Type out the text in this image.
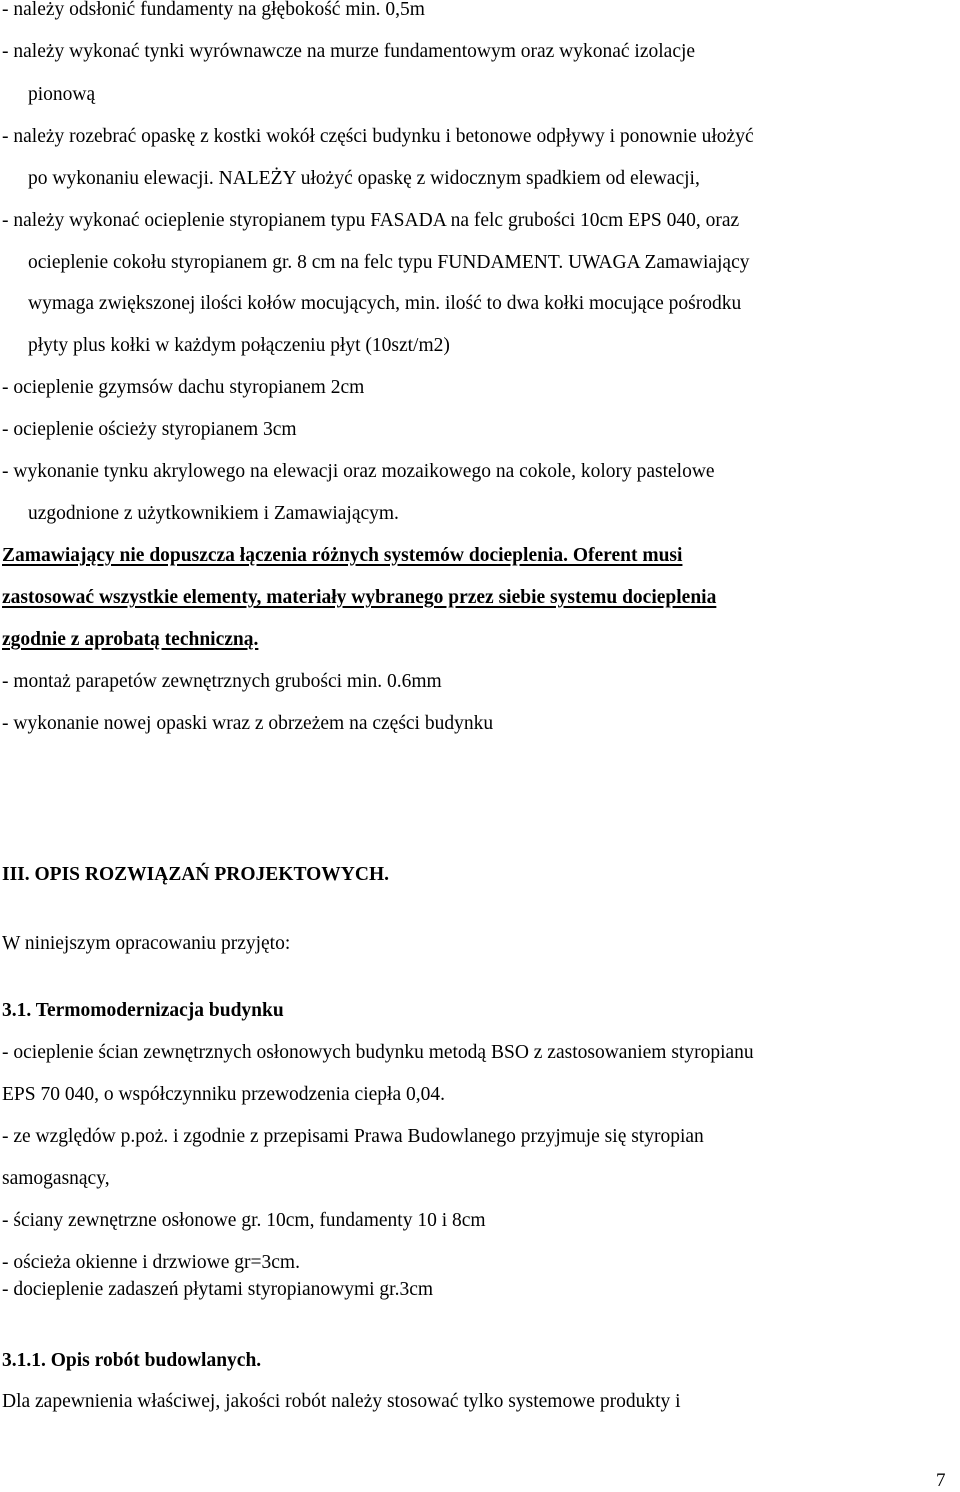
- należy odsłonić fundamenty na głębokość min. 0,5m
- należy wykonać tynki wyrównawcze na murze fundamentowym oraz wykonać izolacje
pionową
- należy rozebrać opaskę z kostki wokół części budynku i betonowe odpływy i ponownie ułożyć
po wykonaniu elewacji. NALEŻY ułożyć opaskę z widocznym spadkiem od elewacji,
- należy wykonać ocieplenie styropianem typu FASADA na felc grubości 10cm EPS 040, oraz
ocieplenie cokołu styropianem gr. 8 cm na felc typu FUNDAMENT. UWAGA Zamawiający
wymaga zwiększonej ilości kołów mocujących, min. ilość to dwa kołki mocujące pośrodku
płyty plus kołki w każdym połączeniu płyt (10szt/m2)
- ocieplenie gzymsów dachu styropianem 2cm
- ocieplenie ościeży styropianem 3cm
- wykonanie tynku akrylowego na elewacji oraz mozaikowego na cokole, kolory pastelowe
uzgodnione z użytkownikiem i Zamawiającym.
Zamawiający nie dopuszcza łączenia różnych systemów docieplenia. Oferent musi
zastosować wszystkie elementy, materiały wybranego przez siebie systemu docieplenia
zgodnie z aprobatą techniczną.
- montaż parapetów zewnętrznych grubości min. 0.6mm
- wykonanie nowej opaski wraz z obrzeżem na części budynku
III. OPIS ROZWIĄZAŃ PROJEKTOWYCH.
W niniejszym opracowaniu przyjęto:
3.1. Termomodernizacja budynku
- ocieplenie ścian zewnętrznych osłonowych budynku metodą BSO z zastosowaniem styropianu
EPS 70 040, o współczynniku przewodzenia ciepła 0,04.
- ze względów p.poż. i zgodnie z przepisami Prawa Budowlanego przyjmuje się styropian
samogasnący,
- ściany zewnętrzne osłonowe gr. 10cm, fundamenty 10 i 8cm
- ościeża okienne i drzwiowe gr=3cm.
- docieplenie zadaszeń płytami styropianowymi gr.3cm
3.1.1. Opis robót budowlanych.
Dla zapewnienia właściwej, jakości robót należy stosować tylko systemowe produkty i
7
